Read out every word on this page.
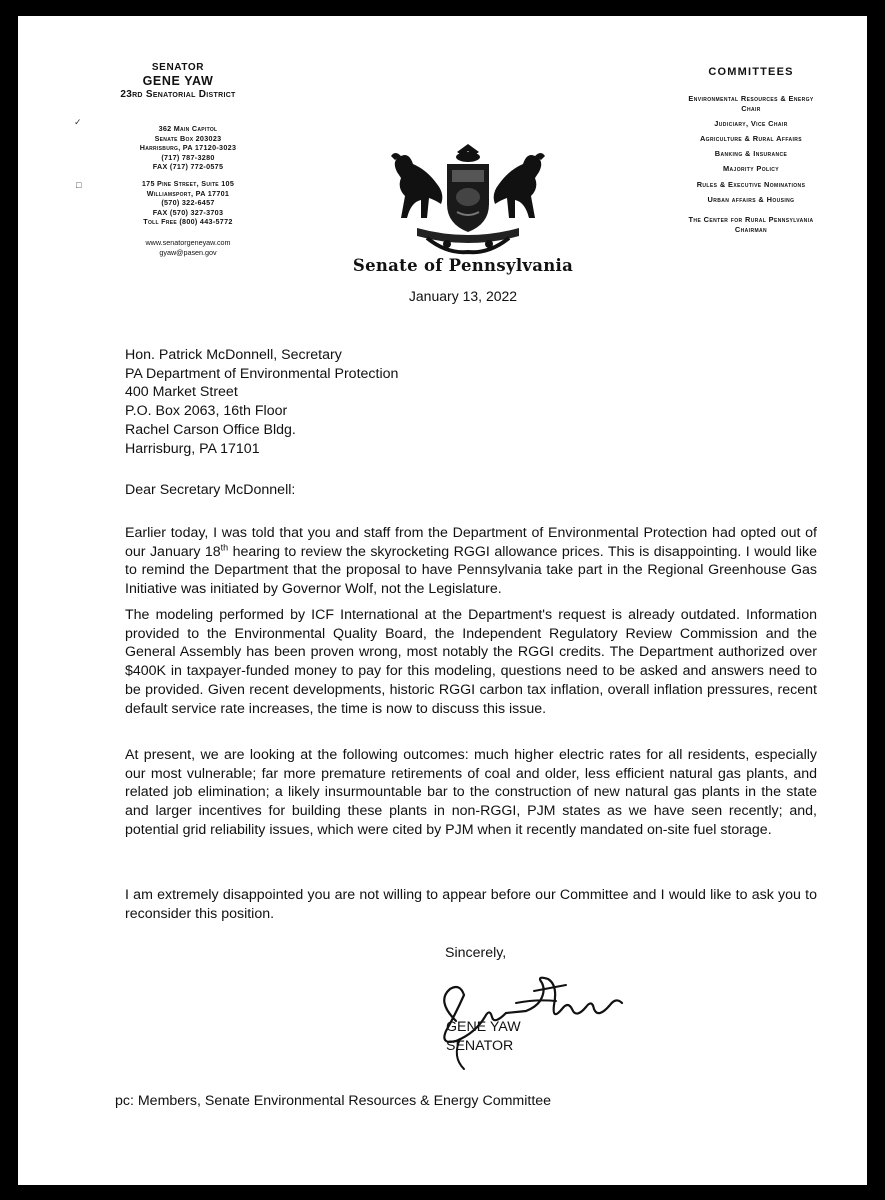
SENATOR
GENE YAW
23rd Senatorial District
✓
362 Main Capitol
Senate Box 203023
Harrisburg, PA 17120-3023
(717) 787-3280
FAX (717) 772-0575
□	175 Pine Street, Suite 105
Williamsport, PA 17701
(570) 322-6457
FAX (570) 327-3703
Toll Free (800) 443-5772
www.senatorgeneyaw.com
gyaw@pasen.gov
COMMITTEES
Environmental Resources & Energy
Chair
Judiciary, Vice Chair
Agriculture & Rural Affairs
Banking & Insurance
Majority Policy
Rules & Executive Nominations
Urban affairs & Housing
The Center for Rural Pennsylvania
Chairman
Senate of Pennsylvania
January 13, 2022
Hon. Patrick McDonnell, Secretary
PA Department of Environmental Protection
400 Market Street
P.O. Box 2063, 16th Floor
Rachel Carson Office Bldg.
Harrisburg, PA 17101
Dear Secretary McDonnell:
Earlier today, I was told that you and staff from the Department of Environmental Protection had opted out of our January 18th hearing to review the skyrocketing RGGI allowance prices. This is disappointing. I would like to remind the Department that the proposal to have Pennsylvania take part in the Regional Greenhouse Gas Initiative was initiated by Governor Wolf, not the Legislature.
The modeling performed by ICF International at the Department's request is already outdated. Information provided to the Environmental Quality Board, the Independent Regulatory Review Commission and the General Assembly has been proven wrong, most notably the RGGI credits. The Department authorized over $400K in taxpayer-funded money to pay for this modeling, questions need to be asked and answers need to be provided. Given recent developments, historic RGGI carbon tax inflation, overall inflation pressures, recent default service rate increases, the time is now to discuss this issue.
At present, we are looking at the following outcomes: much higher electric rates for all residents, especially our most vulnerable; far more premature retirements of coal and older, less efficient natural gas plants, and related job elimination; a likely insurmountable bar to the construction of new natural gas plants in the state and larger incentives for building these plants in non-RGGI, PJM states as we have seen recently; and, potential grid reliability issues, which were cited by PJM when it recently mandated on-site fuel storage.
I am extremely disappointed you are not willing to appear before our Committee and I would like to ask you to reconsider this position.
Sincerely,
GENE YAW
SENATOR
pc: Members, Senate Environmental Resources & Energy Committee
